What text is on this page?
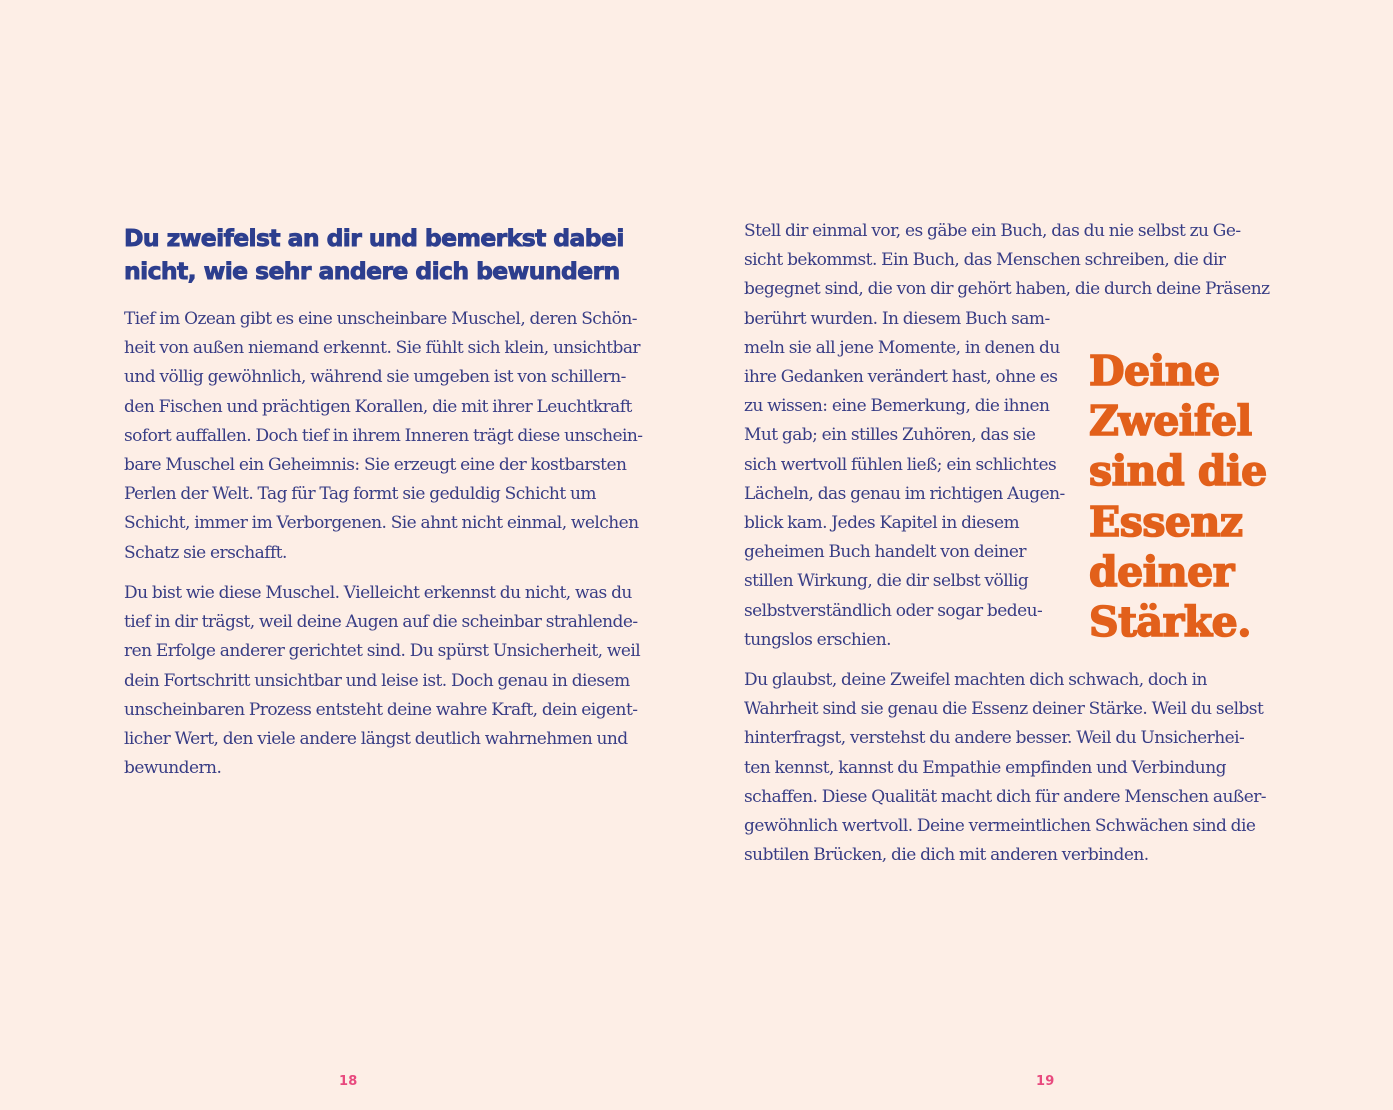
Du zweifelst an dir und bemerkst dabei
nicht, wie sehr andere dich bewundern

Tief im Ozean gibt es eine unscheinbare Muschel, deren Schön-
heit von außen niemand erkennt. Sie fühlt sich klein, unsichtbar
und völlig gewöhnlich, während sie umgeben ist von schillern-
den Fischen und prächtigen Korallen, die mit ihrer Leuchtkraft
sofort auffallen. Doch tief in ihrem Inneren trägt diese unschein-
bare Muschel ein Geheimnis: Sie erzeugt eine der kostbarsten
Perlen der Welt. Tag für Tag formt sie geduldig Schicht um
Schicht, immer im Verborgenen. Sie ahnt nicht einmal, welchen
Schatz sie erschafft.

Du bist wie diese Muschel. Vielleicht erkennst du nicht, was du
tief in dir trägst, weil deine Augen auf die scheinbar strahlende-
ren Erfolge anderer gerichtet sind. Du spürst Unsicherheit, weil
dein Fortschritt unsichtbar und leise ist. Doch genau in diesem
unscheinbaren Prozess entsteht deine wahre Kraft, dein eigent-
licher Wert, den viele andere längst deutlich wahrnehmen und
bewundern.

18

Stell dir einmal vor, es gäbe ein Buch, das du nie selbst zu Ge-
sicht bekommst. Ein Buch, das Menschen schreiben, die dir
begegnet sind, die von dir gehört haben, die durch deine Präsenz
berührt wurden. In diesem Buch sam-
meln sie all jene Momente, in denen du
ihre Gedanken verändert hast, ohne es
zu wissen: eine Bemerkung, die ihnen
Mut gab; ein stilles Zuhören, das sie
sich wertvoll fühlen ließ; ein schlichtes
Lächeln, das genau im richtigen Augen-
blick kam. Jedes Kapitel in diesem
geheimen Buch handelt von deiner
stillen Wirkung, die dir selbst völlig
selbstverständlich oder sogar bedeu-
tungslos erschien.

Deine
Zweifel
sind die
Essenz
deiner
Stärke.

Du glaubst, deine Zweifel machten dich schwach, doch in
Wahrheit sind sie genau die Essenz deiner Stärke. Weil du selbst
hinterfragst, verstehst du andere besser. Weil du Unsicherhei-
ten kennst, kannst du Empathie empfinden und Verbindung
schaffen. Diese Qualität macht dich für andere Menschen außer-
gewöhnlich wertvoll. Deine vermeintlichen Schwächen sind die
subtilen Brücken, die dich mit anderen verbinden.

19
